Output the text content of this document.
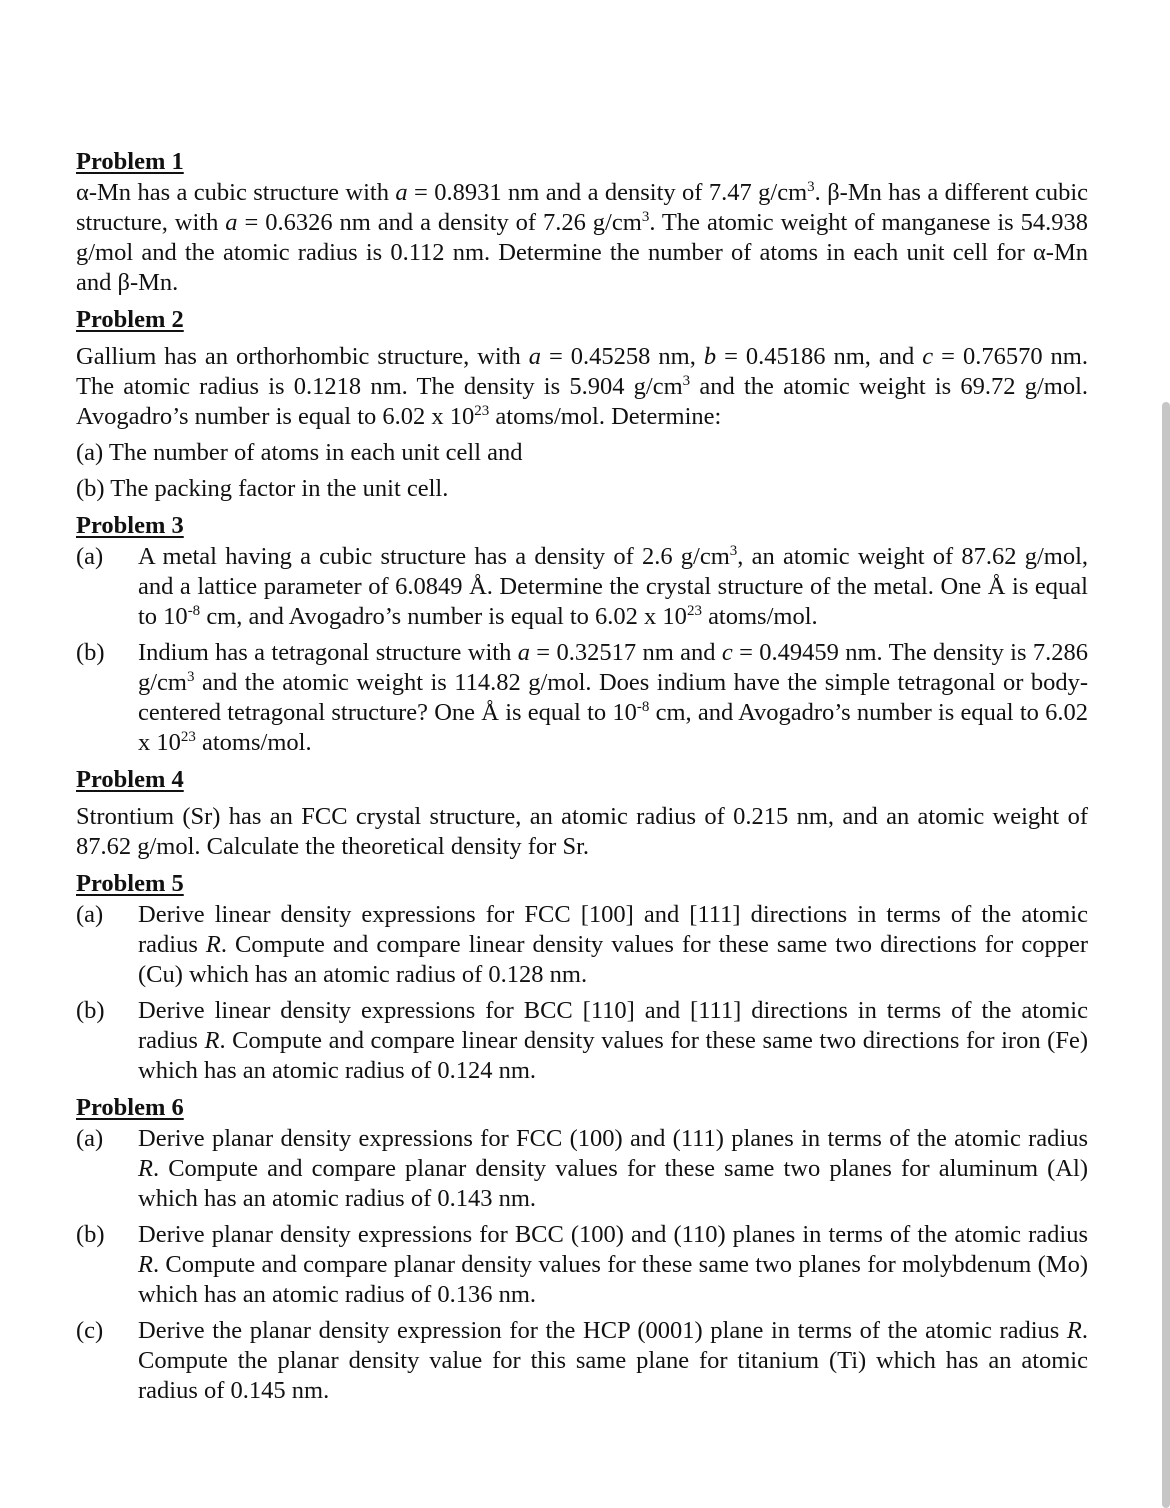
Problem 1

α-Mn has a cubic structure with a = 0.8931 nm and a density of 7.47 $g/cm^3$. β-Mn has a different cubic structure, with a = 0.6326 nm and a density of 7.26 $g/cm^3$. The atomic weight of manganese is 54.938 g/mol and the atomic radius is 0.112 nm. Determine the number of atoms in each unit cell for α-Mn and β-Mn.

Problem 2

Gallium has an orthorhombic structure, with a = 0.45258 nm, b = 0.45186 nm, and c = 0.76570 nm. The atomic radius is 0.1218 nm. The density is 5.904 $g/cm^3$ and the atomic weight is 69.72 g/mol. Avogadro’s number is equal to 6.02 x $10^{23}$ atoms/mol. Determine:

(a) The number of atoms in each unit cell and

(b) The packing factor in the unit cell.

Problem 3
(a)	A metal having a cubic structure has a density of 2.6 $g/cm^3$, an atomic weight of 87.62 g/mol, and a lattice parameter of 6.0849 Å. Determine the crystal structure of the metal. One Å is equal to $10^{-8}$ cm, and Avogadro’s number is equal to 6.02 x $10^{23}$ atoms/mol.
(b)	Indium has a tetragonal structure with a = 0.32517 nm and c = 0.49459 nm. The density is 7.286 $g/cm^3$ and the atomic weight is 114.82 g/mol. Does indium have the simple tetragonal or body-centered tetragonal structure? One Å is equal to $10^{-8}$ cm, and Avogadro’s number is equal to 6.02 x $10^{23}$ atoms/mol.
Problem 4

Strontium (Sr) has an FCC crystal structure, an atomic radius of 0.215 nm, and an atomic weight of 87.62 g/mol. Calculate the theoretical density for Sr.

Problem 5
(a)	Derive linear density expressions for FCC [100] and [111] directions in terms of the atomic radius R. Compute and compare linear density values for these same two directions for copper (Cu) which has an atomic radius of 0.128 nm.
(b)	Derive linear density expressions for BCC [110] and [111] directions in terms of the atomic radius R. Compute and compare linear density values for these same two directions for iron (Fe) which has an atomic radius of 0.124 nm.
Problem 6
(a)	Derive planar density expressions for FCC (100) and (111) planes in terms of the atomic radius R. Compute and compare planar density values for these same two planes for aluminum (Al) which has an atomic radius of 0.143 nm.
(b)	Derive planar density expressions for BCC (100) and (110) planes in terms of the atomic radius R. Compute and compare planar density values for these same two planes for molybdenum (Mo) which has an atomic radius of 0.136 nm.
(c)	Derive the planar density expression for the HCP (0001) plane in terms of the atomic radius R. Compute the planar density value for this same plane for titanium (Ti) which has an atomic radius of 0.145 nm.
